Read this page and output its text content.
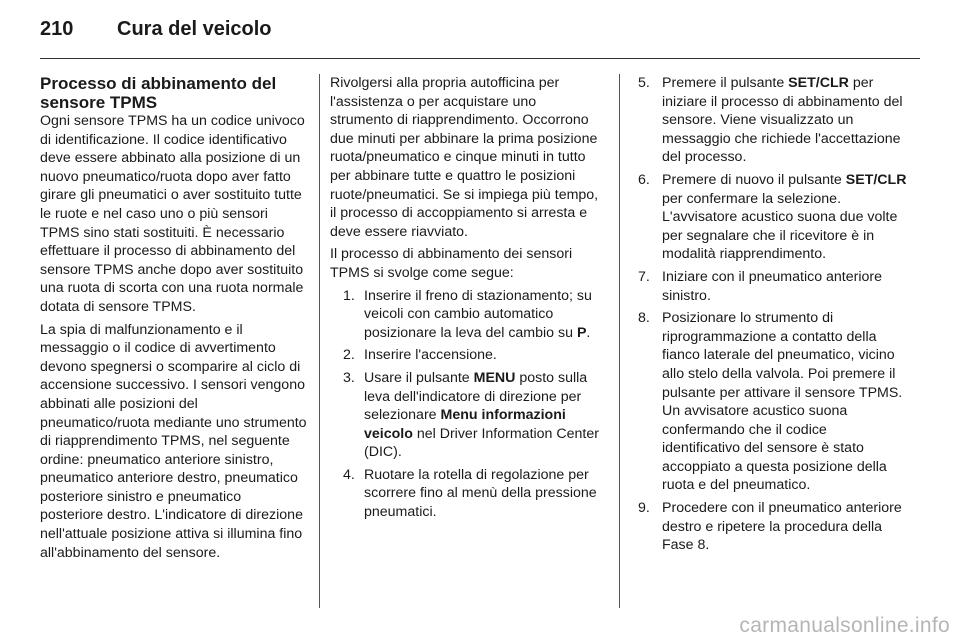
210 Cura del veicolo
Processo di abbinamento del sensore TPMS

Ogni sensore TPMS ha un codice univoco di identificazione. Il codice identificativo deve essere abbinato alla posizione di un nuovo pneumatico/ruota dopo aver fatto girare gli pneumatici o aver sostituito tutte le ruote e nel caso uno o più sensori TPMS sino stati sostituiti. È necessario effettuare il processo di abbinamento del sensore TPMS anche dopo aver sostituito una ruota di scorta con una ruota normale dotata di sensore TPMS.

La spia di malfunzionamento e il messaggio o il codice di avvertimento devono spegnersi o scomparire al ciclo di accensione successivo. I sensori vengono abbinati alle posizioni del pneumatico/ruota mediante uno strumento di riapprendimento TPMS, nel seguente ordine: pneumatico anteriore sinistro, pneumatico anteriore destro, pneumatico posteriore sinistro e pneumatico posteriore destro. L'indicatore di direzione nell'attuale posizione attiva si illumina fino all'abbinamento del sensore.

Rivolgersi alla propria autofficina per l'assistenza o per acquistare uno strumento di riapprendimento. Occorrono due minuti per abbinare la prima posizione ruota/pneumatico e cinque minuti in tutto per abbinare tutte e quattro le posizioni ruote/pneumatici. Se si impiega più tempo, il processo di accoppiamento si arresta e deve essere riavviato.

Il processo di abbinamento dei sensori TPMS si svolge come segue:

1. Inserire il freno di stazionamento; su veicoli con cambio automatico posizionare la leva del cambio su P.
2. Inserire l'accensione.
3. Usare il pulsante MENU posto sulla leva dell'indicatore di direzione per selezionare Menu informazioni veicolo nel Driver Information Center (DIC).
4. Ruotare la rotella di regolazione per scorrere fino al menù della pressione pneumatici.
5. Premere il pulsante SET/CLR per iniziare il processo di abbinamento del sensore. Viene visualizzato un messaggio che richiede l'accettazione del processo.
6. Premere di nuovo il pulsante SET/CLR per confermare la selezione. L'avvisatore acustico suona due volte per segnalare che il ricevitore è in modalità riapprendimento.
7. Iniziare con il pneumatico anteriore sinistro.
8. Posizionare lo strumento di riprogrammazione a contatto della fianco laterale del pneumatico, vicino allo stelo della valvola. Poi premere il pulsante per attivare il sensore TPMS. Un avvisatore acustico suona confermando che il codice identificativo del sensore è stato accoppiato a questa posizione della ruota e del pneumatico.
9. Procedere con il pneumatico anteriore destro e ripetere la procedura della Fase 8.
carmanualsonline.info
